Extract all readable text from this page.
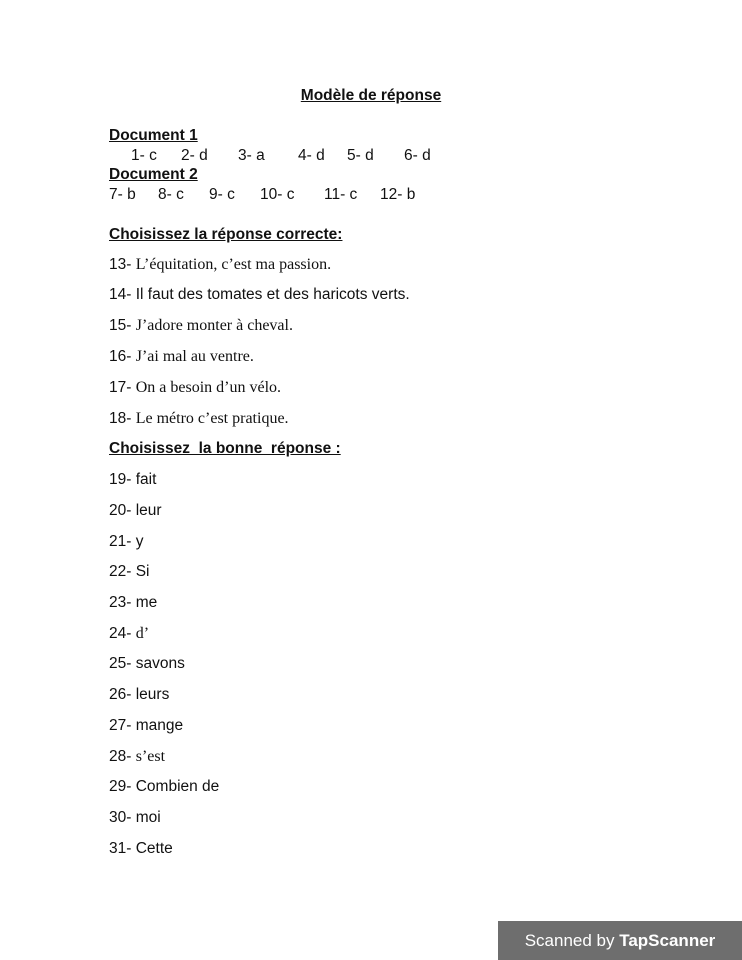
Modèle de réponse
Document 1
1- c 2- d 3- a 4- d 5- d 6- d
Document 2
7- b 8- c 9- c 10- c 11- c 12- b
Choisissez la réponse correcte:
13- L’équitation, c’est ma passion.
14- Il faut des tomates et des haricots verts.
15- J’adore monter à cheval.
16- J’ai mal au ventre.
17- On a besoin d’un vélo.
18- Le métro c’est pratique.
Choisissez  la bonne  réponse :
19- fait
20- leur
21- y
22- Si
23- me
24- d’
25- savons
26- leurs
27- mange
28- s’est
29- Combien de
30- moi
31- Cette
Scanned by TapScanner
